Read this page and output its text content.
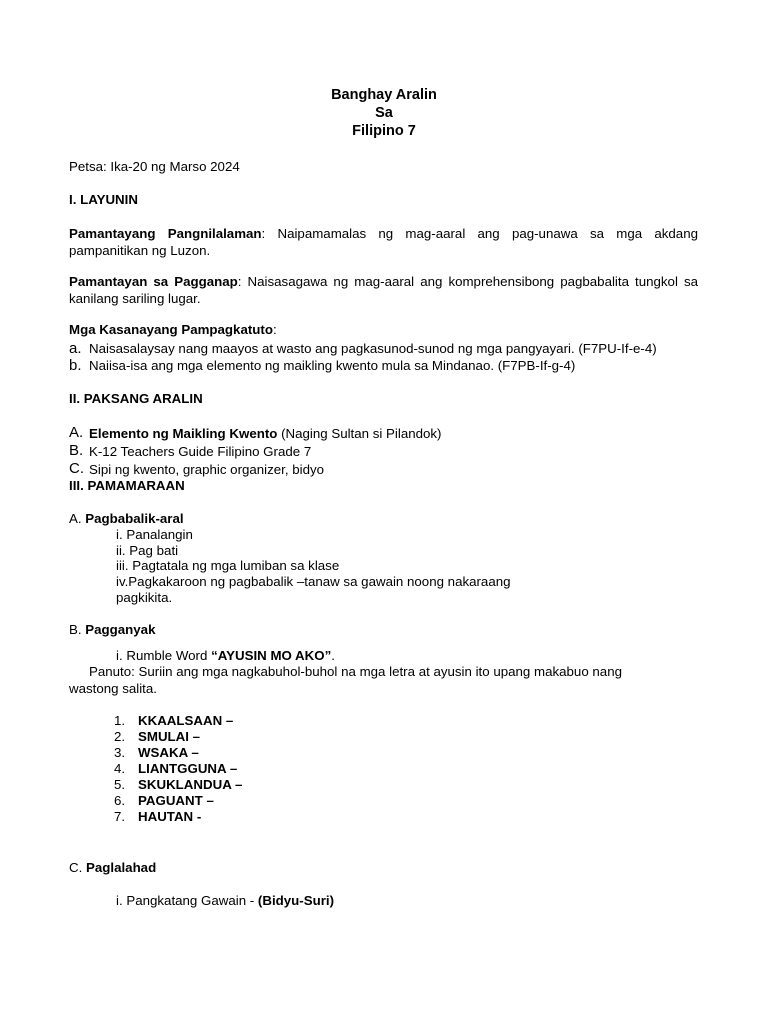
Banghay Aralin
Sa
Filipino 7
Petsa: Ika-20 ng Marso 2024
I. LAYUNIN
Pamantayang Pangnilalaman: Naipamamalas ng mag-aaral ang pag-unawa sa mga akdang pampanitikan ng Luzon.
Pamantayan sa Pagganap: Naisasagawa ng mag-aaral ang komprehensibong pagbabalita tungkol sa kanilang sariling lugar.
Mga Kasanayang Pampagkatuto:
a. Naisasalaysay nang maayos at wasto ang pagkasunod-sunod ng mga pangyayari. (F7PU-If-e-4)
b. Naiisa-isa ang mga elemento ng maikling kwento mula sa Mindanao. (F7PB-If-g-4)
II. PAKSANG ARALIN
A. Elemento ng Maikling Kwento (Naging Sultan si Pilandok)
B. K-12 Teachers Guide Filipino Grade 7
C. Sipi ng kwento, graphic organizer, bidyo
III. PAMAMARAAN
A. Pagbabalik-aral
i. Panalangin
ii. Pag bati
iii. Pagtatala ng mga lumiban sa klase
iv.Pagkakaroon ng pagbabalik –tanaw sa gawain noong nakaraang
pagkikita.
B. Pagganyak
i. Rumble Word “AYUSIN MO AKO”.
Panuto: Suriin ang mga nagkabuhol-buhol na mga letra at ayusin ito upang makabuo nang
wastong salita.
1. KKAALSAAN –
2. SMULAI –
3. WSAKA –
4. LIANTGGUNA –
5. SKUKLANDUA –
6. PAGUANT –
7. HAUTAN -
C. Paglalahad
i. Pangkatang Gawain - (Bidyu-Suri)
